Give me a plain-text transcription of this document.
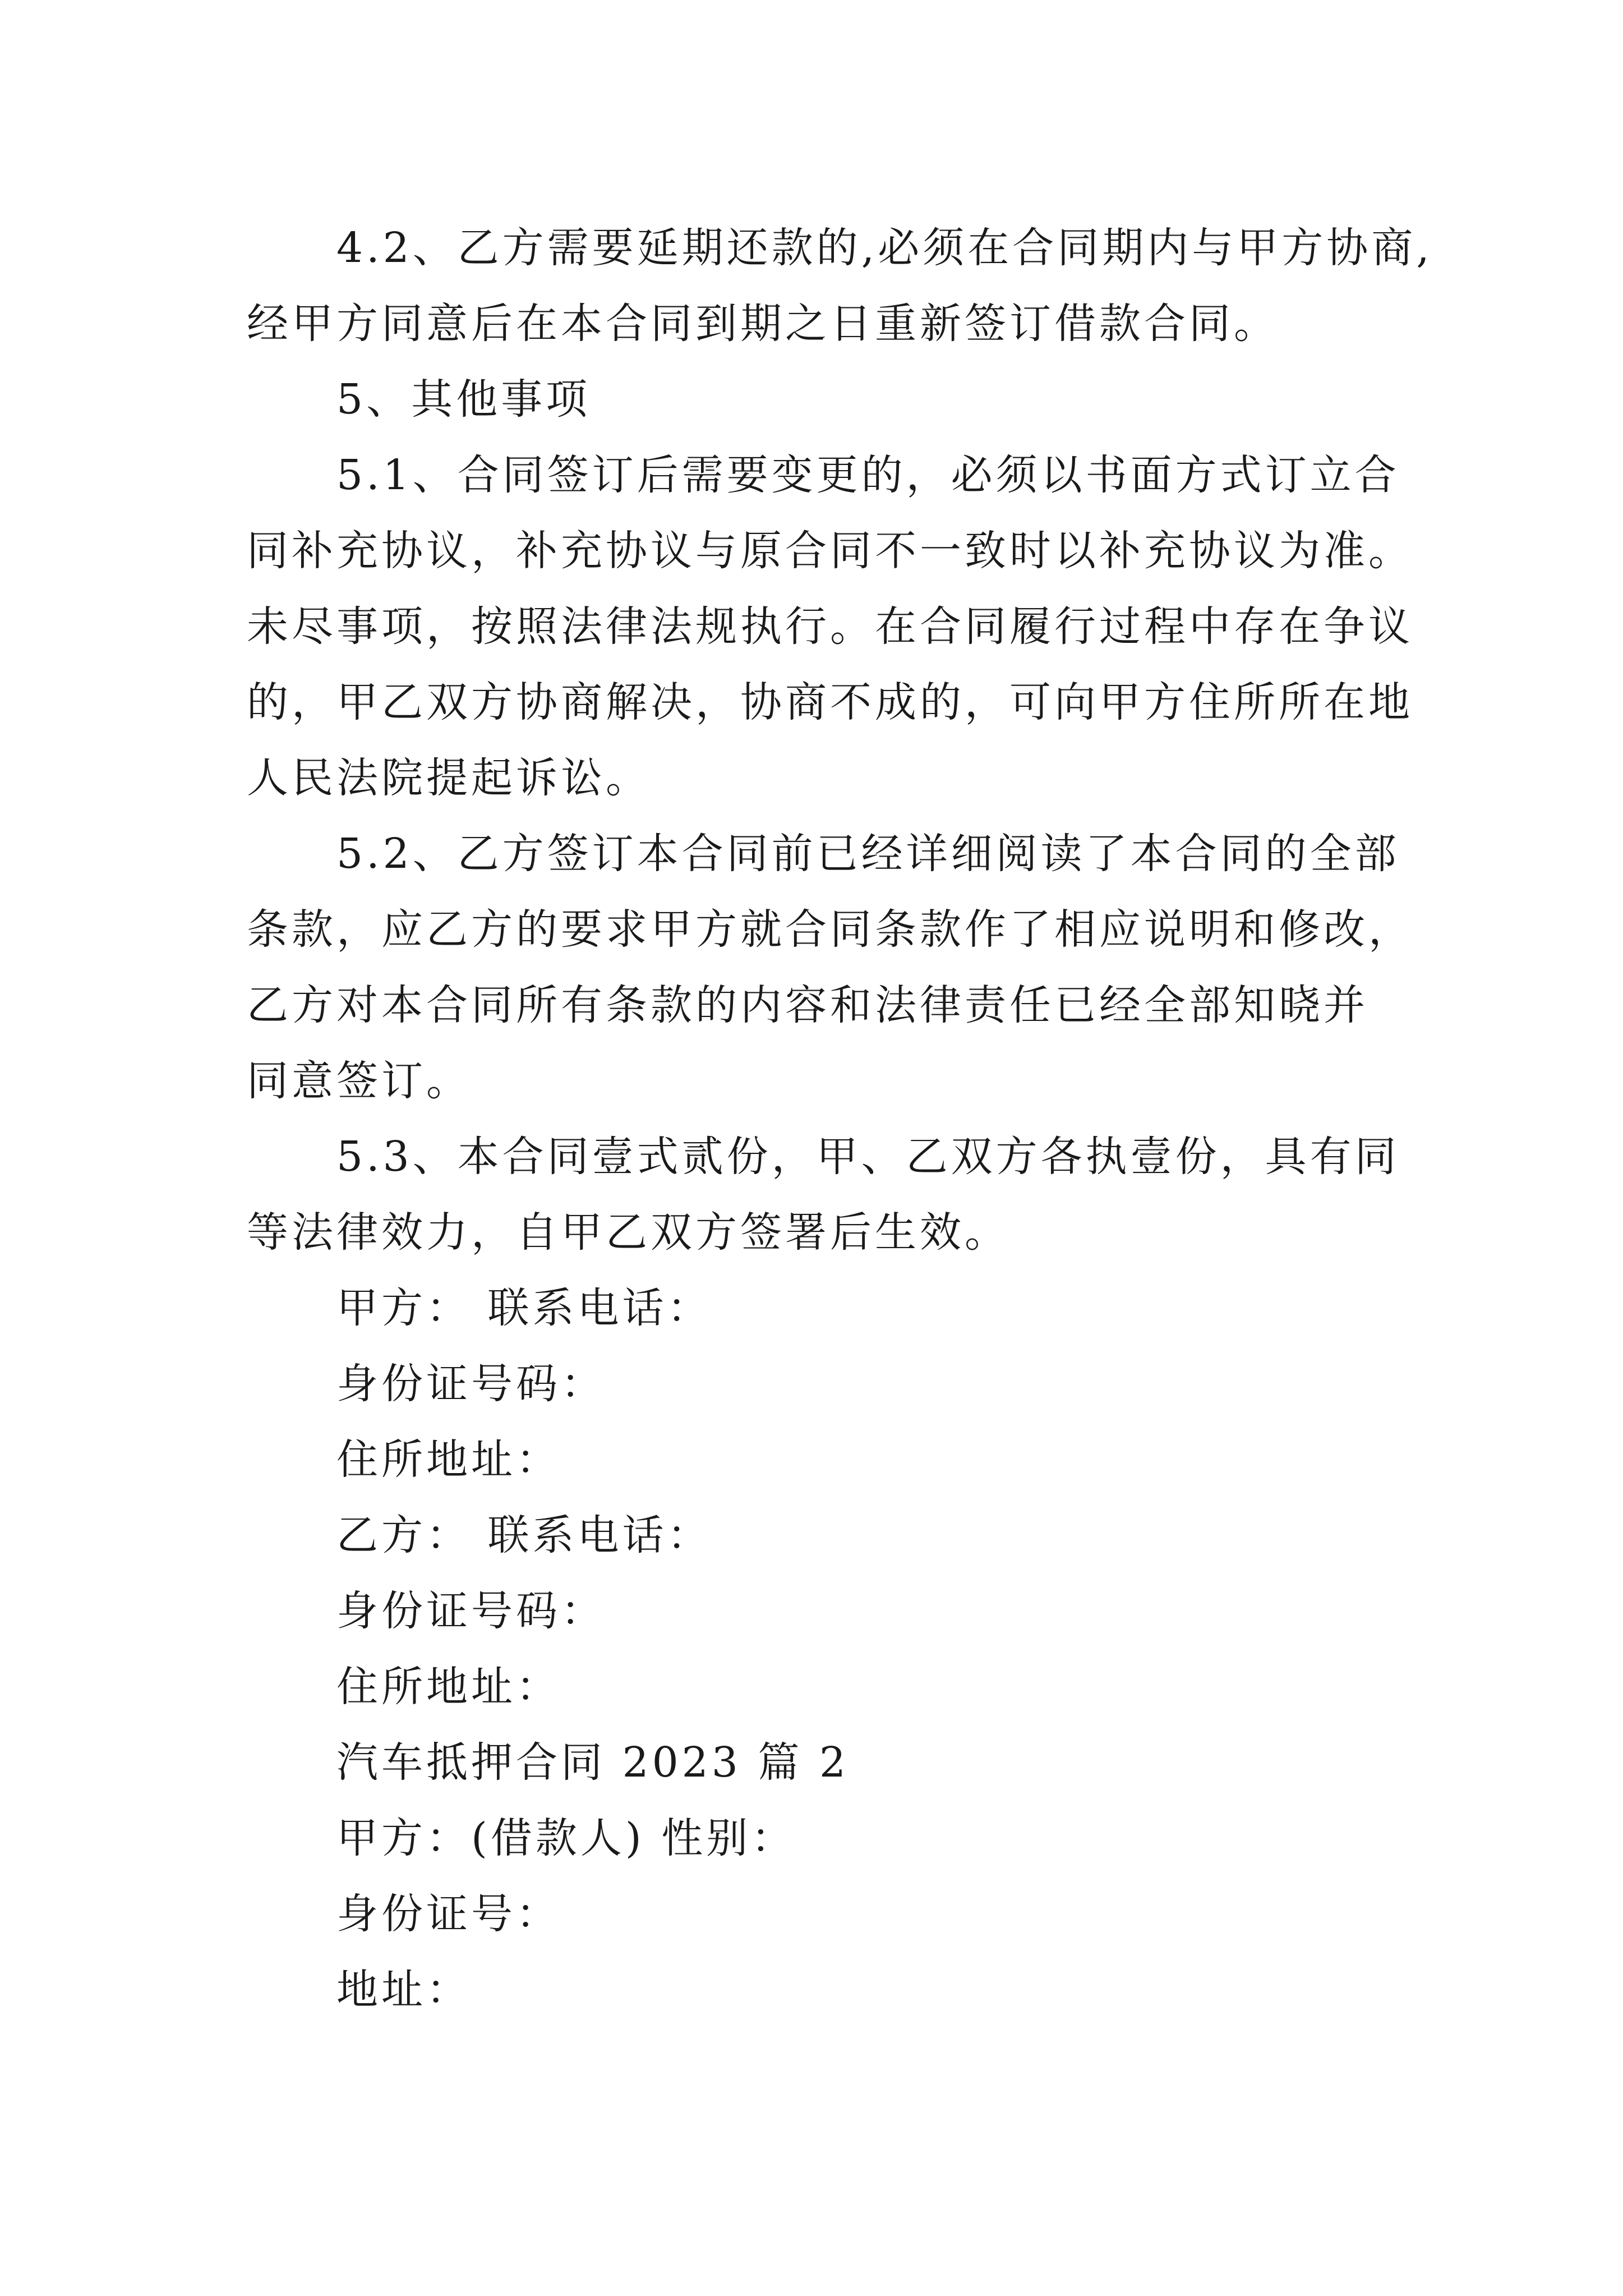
4.2、乙方需要延期还款的,必须在合同期内与甲方协商,
经甲方同意后在本合同到期之日重新签订借款合同。
5、其他事项
5.1、合同签订后需要变更的，必须以书面方式订立合
同补充协议，补充协议与原合同不一致时以补充协议为准。
未尽事项，按照法律法规执行。在合同履行过程中存在争议
的，甲乙双方协商解决，协商不成的，可向甲方住所所在地
人民法院提起诉讼。
5.2、乙方签订本合同前已经详细阅读了本合同的全部
条款，应乙方的要求甲方就合同条款作了相应说明和修改，
乙方对本合同所有条款的内容和法律责任已经全部知晓并
同意签订。
5.3、本合同壹式贰份，甲、乙双方各执壹份，具有同
等法律效力，自甲乙双方签署后生效。
甲方： 联系电话：
身份证号码：
住所地址：
乙方： 联系电话：
身份证号码：
住所地址：
汽车抵押合同 2023 篇 2
甲方：(借款人) 性别：
身份证号：
地址：
